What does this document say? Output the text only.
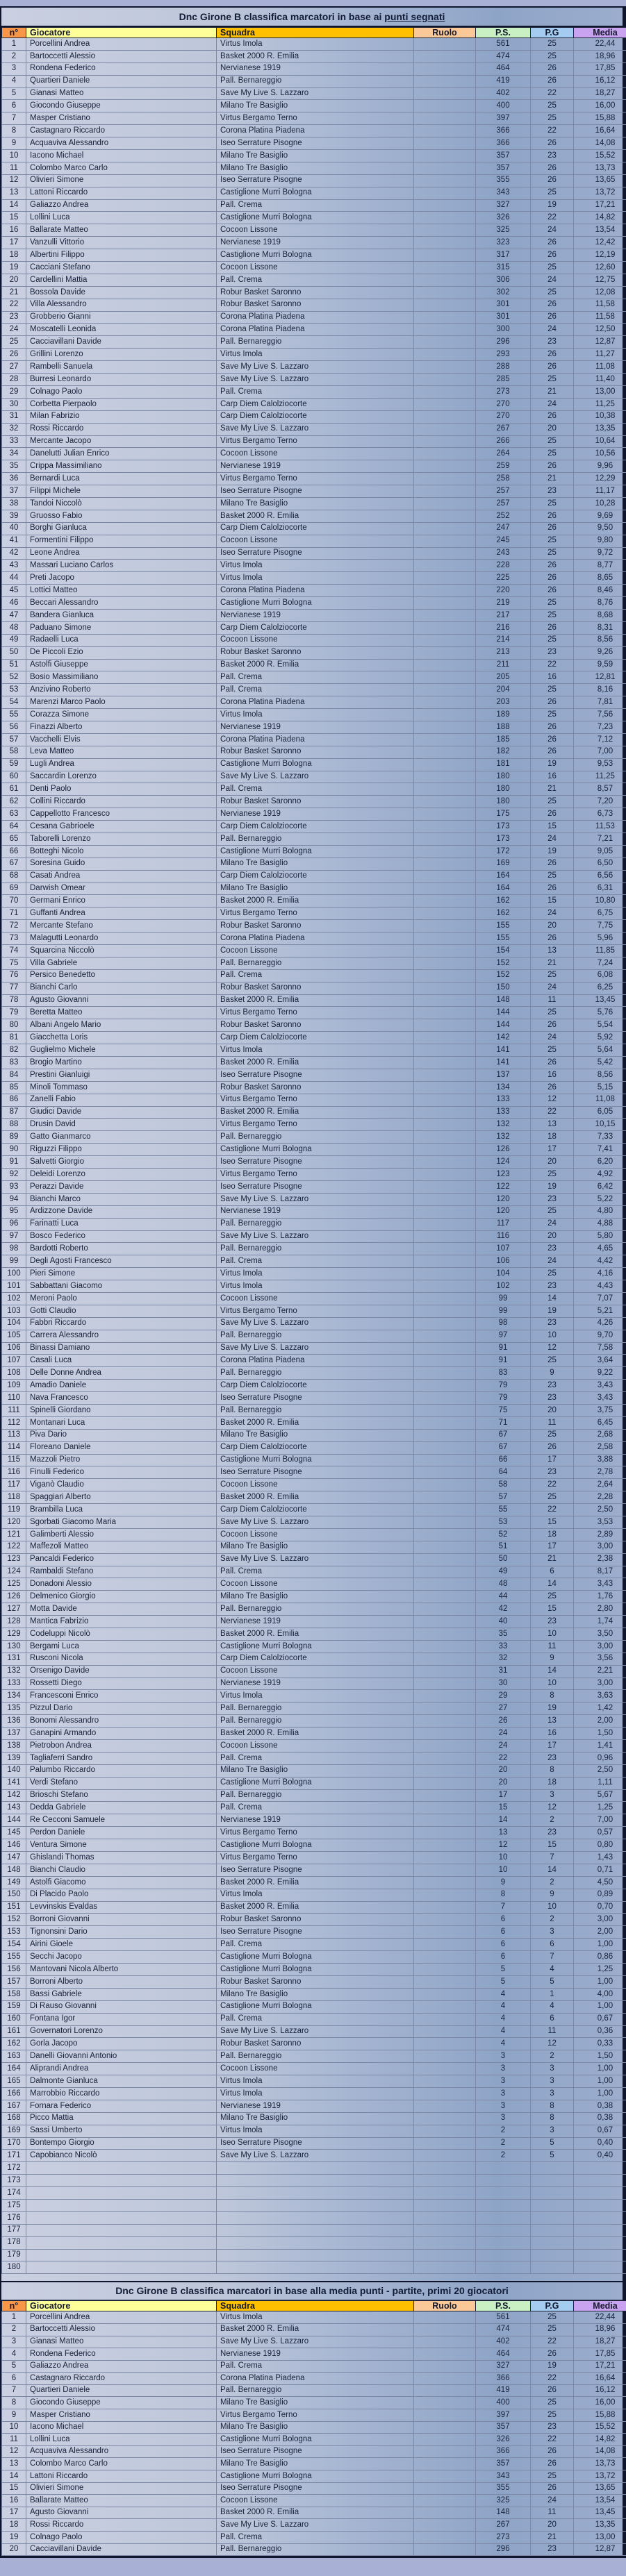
Dnc Girone B classifica marcatori in base ai punti segnati
n°	Giocatore	Squadra	Ruolo	P.S.	P.G	Media
1	Porcellini Andrea	Virtus Imola		561	25	22,44
2	Bartoccetti Alessio	Basket 2000 R. Emilia		474	25	18,96
3	Rondena Federico	Nervianese 1919		464	26	17,85
4	Quartieri Daniele	Pall. Bernareggio		419	26	16,12
5	Gianasi Matteo	Save My Live S. Lazzaro		402	22	18,27
6	Giocondo Giuseppe	Milano Tre Basiglio		400	25	16,00
7	Masper Cristiano	Virtus Bergamo Terno		397	25	15,88
8	Castagnaro Riccardo	Corona Platina Piadena		366	22	16,64
9	Acquaviva Alessandro	Iseo Serrature Pisogne		366	26	14,08
10	Iacono Michael	Milano Tre Basiglio		357	23	15,52
11	Colombo Marco Carlo	Milano Tre Basiglio		357	26	13,73
12	Olivieri Simone	Iseo Serrature Pisogne		355	26	13,65
13	Lattoni Riccardo	Castiglione Murri Bologna		343	25	13,72
14	Galiazzo Andrea	Pall. Crema		327	19	17,21
15	Lollini Luca	Castiglione Murri Bologna		326	22	14,82
16	Ballarate Matteo	Cocoon Lissone		325	24	13,54
17	Vanzulli Vittorio	Nervianese 1919		323	26	12,42
18	Albertini Filippo	Castiglione Murri Bologna		317	26	12,19
19	Cacciani Stefano	Cocoon Lissone		315	25	12,60
20	Cardellini Mattia	Pall. Crema		306	24	12,75
21	Bossola Davide	Robur Basket Saronno		302	25	12,08
22	Villa Alessandro	Robur Basket Saronno		301	26	11,58
23	Grobberio Gianni	Corona Platina Piadena		301	26	11,58
24	Moscatelli Leonida	Corona Platina Piadena		300	24	12,50
25	Cacciavillani Davide	Pall. Bernareggio		296	23	12,87
26	Grillini Lorenzo	Virtus Imola		293	26	11,27
27	Rambelli Sanuela	Save My Live S. Lazzaro		288	26	11,08
28	Burresi Leonardo	Save My Live S. Lazzaro		285	25	11,40
29	Colnago Paolo	Pall. Crema		273	21	13,00
30	Corbetta Pierpaolo	Carp Diem Calolziocorte		270	24	11,25
31	Milan Fabrizio	Carp Diem Calolziocorte		270	26	10,38
32	Rossi Riccardo	Save My Live S. Lazzaro		267	20	13,35
33	Mercante Jacopo	Virtus Bergamo Terno		266	25	10,64
34	Danelutti Julian Enrico	Cocoon Lissone		264	25	10,56
35	Crippa Massimiliano	Nervianese 1919		259	26	9,96
36	Bernardi Luca	Virtus Bergamo Terno		258	21	12,29
37	Filippi Michele	Iseo Serrature Pisogne		257	23	11,17
38	Tandoi Niccolò	Milano Tre Basiglio		257	25	10,28
39	Gruosso Fabio	Basket 2000 R. Emilia		252	26	9,69
40	Borghi Gianluca	Carp Diem Calolziocorte		247	26	9,50
41	Formentini Filippo	Cocoon Lissone		245	25	9,80
42	Leone Andrea	Iseo Serrature Pisogne		243	25	9,72
43	Massari Luciano Carlos	Virtus Imola		228	26	8,77
44	Preti Jacopo	Virtus Imola		225	26	8,65
45	Lottici Matteo	Corona Platina Piadena		220	26	8,46
46	Beccari Alessandro	Castiglione Murri Bologna		219	25	8,76
47	Bandera Gianluca	Nervianese 1919		217	25	8,68
48	Paduano Simone	Carp Diem Calolziocorte		216	26	8,31
49	Radaelli Luca	Cocoon Lissone		214	25	8,56
50	De Piccoli Ezio	Robur Basket Saronno		213	23	9,26
51	Astolfi Giuseppe	Basket 2000 R. Emilia		211	22	9,59
52	Bosio Massimiliano	Pall. Crema		205	16	12,81
53	Anzivino Roberto	Pall. Crema		204	25	8,16
54	Marenzi Marco Paolo	Corona Platina Piadena		203	26	7,81
55	Corazza Simone	Virtus Imola		189	25	7,56
56	Finazzi Alberto	Nervianese 1919		188	26	7,23
57	Vacchelli Elvis	Corona Platina Piadena		185	26	7,12
58	Leva Matteo	Robur Basket Saronno		182	26	7,00
59	Lugli Andrea	Castiglione Murri Bologna		181	19	9,53
60	Saccardin Lorenzo	Save My Live S. Lazzaro		180	16	11,25
61	Denti Paolo	Pall. Crema		180	21	8,57
62	Collini Riccardo	Robur Basket Saronno		180	25	7,20
63	Cappellotto Francesco	Nervianese 1919		175	26	6,73
64	Cesana Gabrioele	Carp Diem Calolziocorte		173	15	11,53
65	Taborelli Lorenzo	Pall. Bernareggio		173	24	7,21
66	Botteghi Nicolo	Castiglione Murri Bologna		172	19	9,05
67	Soresina Guido	Milano Tre Basiglio		169	26	6,50
68	Casati Andrea	Carp Diem Calolziocorte		164	25	6,56
69	Darwish Omear	Milano Tre Basiglio		164	26	6,31
70	Germani Enrico	Basket 2000 R. Emilia		162	15	10,80
71	Guffanti Andrea	Virtus Bergamo Terno		162	24	6,75
72	Mercante Stefano	Robur Basket Saronno		155	20	7,75
73	Malagutti Leonardo	Corona Platina Piadena		155	26	5,96
74	Squarcina Niccolò	Cocoon Lissone		154	13	11,85
75	Villa Gabriele	Pall. Bernareggio		152	21	7,24
76	Persico Benedetto	Pall. Crema		152	25	6,08
77	Bianchi Carlo	Robur Basket Saronno		150	24	6,25
78	Agusto Giovanni	Basket 2000 R. Emilia		148	11	13,45
79	Beretta Matteo	Virtus Bergamo Terno		144	25	5,76
80	Albani Angelo Mario	Robur Basket Saronno		144	26	5,54
81	Giacchetta Loris	Carp Diem Calolziocorte		142	24	5,92
82	Guglielmo Michele	Virtus Imola		141	25	5,64
83	Brogio Martino	Basket 2000 R. Emilia		141	26	5,42
84	Prestini Gianluigi	Iseo Serrature Pisogne		137	16	8,56
85	Minoli Tommaso	Robur Basket Saronno		134	26	5,15
86	Zanelli Fabio	Virtus Bergamo Terno		133	12	11,08
87	Giudici Davide	Basket 2000 R. Emilia		133	22	6,05
88	Drusin David	Virtus Bergamo Terno		132	13	10,15
89	Gatto Gianmarco	Pall. Bernareggio		132	18	7,33
90	Riguzzi Filippo	Castiglione Murri Bologna		126	17	7,41
91	Salvetti Giorgio	Iseo Serrature Pisogne		124	20	6,20
92	Deleidi Lorenzo	Virtus Bergamo Terno		123	25	4,92
93	Perazzi Davide	Iseo Serrature Pisogne		122	19	6,42
94	Bianchi Marco	Save My Live S. Lazzaro		120	23	5,22
95	Ardizzone Davide	Nervianese 1919		120	25	4,80
96	Farinatti Luca	Pall. Bernareggio		117	24	4,88
97	Bosco Federico	Save My Live S. Lazzaro		116	20	5,80
98	Bardotti Roberto	Pall. Bernareggio		107	23	4,65
99	Degli Agosti Francesco	Pall. Crema		106	24	4,42
100	Pieri Simone	Virtus Imola		104	25	4,16
101	Sabbattani Giacomo	Virtus Imola		102	23	4,43
102	Meroni Paolo	Cocoon Lissone		99	14	7,07
103	Gotti Claudio	Virtus Bergamo Terno		99	19	5,21
104	Fabbri Riccardo	Save My Live S. Lazzaro		98	23	4,26
105	Carrera Alessandro	Pall. Bernareggio		97	10	9,70
106	Binassi Damiano	Save My Live S. Lazzaro		91	12	7,58
107	Casali Luca	Corona Platina Piadena		91	25	3,64
108	Delle Donne Andrea	Pall. Bernareggio		83	9	9,22
109	Amadio Daniele	Carp Diem Calolziocorte		79	23	3,43
110	Nava Francesco	Iseo Serrature Pisogne		79	23	3,43
111	Spinelli Giordano	Pall. Bernareggio		75	20	3,75
112	Montanari Luca	Basket 2000 R. Emilia		71	11	6,45
113	Piva Dario	Milano Tre Basiglio		67	25	2,68
114	Floreano Daniele	Carp Diem Calolziocorte		67	26	2,58
115	Mazzoli Pietro	Castiglione Murri Bologna		66	17	3,88
116	Finulli Federico	Iseo Serrature Pisogne		64	23	2,78
117	Viganò Claudio	Cocoon Lissone		58	22	2,64
118	Spaggiari Alberto	Basket 2000 R. Emilia		57	25	2,28
119	Brambilla Luca	Carp Diem Calolziocorte		55	22	2,50
120	Sgorbati Giacomo Maria	Save My Live S. Lazzaro		53	15	3,53
121	Galimberti Alessio	Cocoon Lissone		52	18	2,89
122	Maffezoli Matteo	Milano Tre Basiglio		51	17	3,00
123	Pancaldi Federico	Save My Live S. Lazzaro		50	21	2,38
124	Rambaldi Stefano	Pall. Crema		49	6	8,17
125	Donadoni Alessio	Cocoon Lissone		48	14	3,43
126	Delmenico Giorgio	Milano Tre Basiglio		44	25	1,76
127	Motta Davide	Pall. Bernareggio		42	15	2,80
128	Mantica Fabrizio	Nervianese 1919		40	23	1,74
129	Codeluppi Nicolò	Basket 2000 R. Emilia		35	10	3,50
130	Bergami Luca	Castiglione Murri Bologna		33	11	3,00
131	Rusconi Nicola	Carp Diem Calolziocorte		32	9	3,56
132	Orsenigo Davide	Cocoon Lissone		31	14	2,21
133	Rossetti Diego	Nervianese 1919		30	10	3,00
134	Francesconi Enrico	Virtus Imola		29	8	3,63
135	Pizzul Dario	Pall. Bernareggio		27	19	1,42
136	Bonomi Alessandro	Pall. Bernareggio		26	13	2,00
137	Ganapini Armando	Basket 2000 R. Emilia		24	16	1,50
138	Pietrobon Andrea	Cocoon Lissone		24	17	1,41
139	Tagliaferri Sandro	Pall. Crema		22	23	0,96
140	Palumbo Riccardo	Milano Tre Basiglio		20	8	2,50
141	Verdi Stefano	Castiglione Murri Bologna		20	18	1,11
142	Brioschi Stefano	Pall. Bernareggio		17	3	5,67
143	Dedda Gabriele	Pall. Crema		15	12	1,25
144	Re Cecconi Samuele	Nervianese 1919		14	2	7,00
145	Perdon Daniele	Virtus Bergamo Terno		13	23	0,57
146	Ventura Simone	Castiglione Murri Bologna		12	15	0,80
147	Ghislandi Thomas	Virtus Bergamo Terno		10	7	1,43
148	Bianchi Claudio	Iseo Serrature Pisogne		10	14	0,71
149	Astolfi Giacomo	Basket 2000 R. Emilia		9	2	4,50
150	Di Placido Paolo	Virtus Imola		8	9	0,89
151	Levvinskis Evaldas	Basket 2000 R. Emilia		7	10	0,70
152	Borroni Giovanni	Robur Basket Saronno		6	2	3,00
153	Tignonsini Dario	Iseo Serrature Pisogne		6	3	2,00
154	Airini Gioele	Pall. Crema		6	6	1,00
155	Secchi Jacopo	Castiglione Murri Bologna		6	7	0,86
156	Mantovani Nicola Alberto	Castiglione Murri Bologna		5	4	1,25
157	Borroni Alberto	Robur Basket Saronno		5	5	1,00
158	Bassi Gabriele	Milano Tre Basiglio		4	1	4,00
159	Di Rauso Giovanni	Castiglione Murri Bologna		4	4	1,00
160	Fontana Igor	Pall. Crema		4	6	0,67
161	Governatori Lorenzo	Save My Live S. Lazzaro		4	11	0,36
162	Gorla Jacopo	Robur Basket Saronno		4	12	0,33
163	Danelli Giovanni Antonio	Pall. Bernareggio		3	2	1,50
164	Aliprandi Andrea	Cocoon Lissone		3	3	1,00
165	Dalmonte Gianluca	Virtus Imola		3	3	1,00
166	Marrobbio Riccardo	Virtus Imola		3	3	1,00
167	Fornara Federico	Nervianese 1919		3	8	0,38
168	Picco Mattia	Milano Tre Basiglio		3	8	0,38
169	Sassi Umberto	Virtus Imola		2	3	0,67
170	Bontempo Giorgio	Iseo Serrature Pisogne		2	5	0,40
171	Capobianco Nicolò	Save My Live S. Lazzaro		2	5	0,40
172						
173						
174						
175						
176						
177						
178						
179						
180						
Dnc Girone B classifica marcatori in base alla media punti - partite, primi 20 giocatori
n°	Giocatore	Squadra	Ruolo	P.S.	P.G	Media
1	Porcellini Andrea	Virtus Imola		561	25	22,44
2	Bartoccetti Alessio	Basket 2000 R. Emilia		474	25	18,96
3	Gianasi Matteo	Save My Live S. Lazzaro		402	22	18,27
4	Rondena Federico	Nervianese 1919		464	26	17,85
5	Galiazzo Andrea	Pall. Crema		327	19	17,21
6	Castagnaro Riccardo	Corona Platina Piadena		366	22	16,64
7	Quartieri Daniele	Pall. Bernareggio		419	26	16,12
8	Giocondo Giuseppe	Milano Tre Basiglio		400	25	16,00
9	Masper Cristiano	Virtus Bergamo Terno		397	25	15,88
10	Iacono Michael	Milano Tre Basiglio		357	23	15,52
11	Lollini Luca	Castiglione Murri Bologna		326	22	14,82
12	Acquaviva Alessandro	Iseo Serrature Pisogne		366	26	14,08
13	Colombo Marco Carlo	Milano Tre Basiglio		357	26	13,73
14	Lattoni Riccardo	Castiglione Murri Bologna		343	25	13,72
15	Olivieri Simone	Iseo Serrature Pisogne		355	26	13,65
16	Ballarate Matteo	Cocoon Lissone		325	24	13,54
17	Agusto Giovanni	Basket 2000 R. Emilia		148	11	13,45
18	Rossi Riccardo	Save My Live S. Lazzaro		267	20	13,35
19	Colnago Paolo	Pall. Crema		273	21	13,00
20	Cacciavillani Davide	Pall. Bernareggio		296	23	12,87
